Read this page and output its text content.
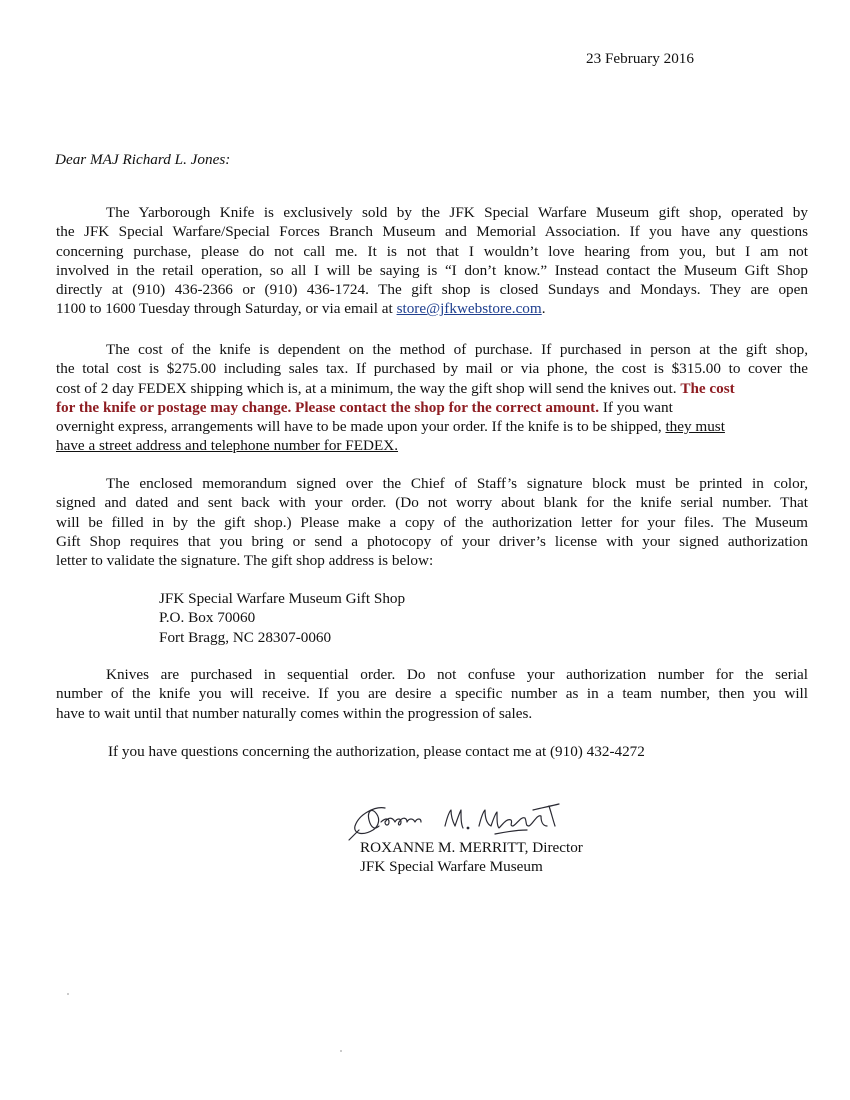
23 February 2016
Dear MAJ Richard L. Jones:
The Yarborough Knife is exclusively sold by the JFK Special Warfare Museum gift shop, operated by
the JFK Special Warfare/Special Forces Branch Museum and Memorial Association. If you have any questions
concerning purchase, please do not call me. It is not that I wouldn’t love hearing from you, but I am not
involved in the retail operation, so all I will be saying is “I don’t know.” Instead contact the Museum Gift Shop
directly at (910) 436-2366 or (910) 436-1724. The gift shop is closed Sundays and Mondays. They are open
1100 to 1600 Tuesday through Saturday, or via email at store@jfkwebstore.com.
The cost of the knife is dependent on the method of purchase. If purchased in person at the gift shop,
the total cost is $275.00 including sales tax. If purchased by mail or via phone, the cost is $315.00 to cover the
cost of 2 day FEDEX shipping which is, at a minimum, the way the gift shop will send the knives out. The cost
for the knife or postage may change. Please contact the shop for the correct amount. If you want
overnight express, arrangements will have to be made upon your order. If the knife is to be shipped, they must
have a street address and telephone number for FEDEX.
The enclosed memorandum signed over the Chief of Staff’s signature block must be printed in color,
signed and dated and sent back with your order. (Do not worry about blank for the knife serial number. That
will be filled in by the gift shop.) Please make a copy of the authorization letter for your files. The Museum
Gift Shop requires that you bring or send a photocopy of your driver’s license with your signed authorization
letter to validate the signature. The gift shop address is below:
JFK Special Warfare Museum Gift Shop
P.O. Box 70060
Fort Bragg, NC 28307-0060
Knives are purchased in sequential order. Do not confuse your authorization number for the serial
number of the knife you will receive. If you are desire a specific number as in a team number, then you will
have to wait until that number naturally comes within the progression of sales.
If you have questions concerning the authorization, please contact me at (910) 432-4272
ROXANNE M. MERRITT, Director
JFK Special Warfare Museum
